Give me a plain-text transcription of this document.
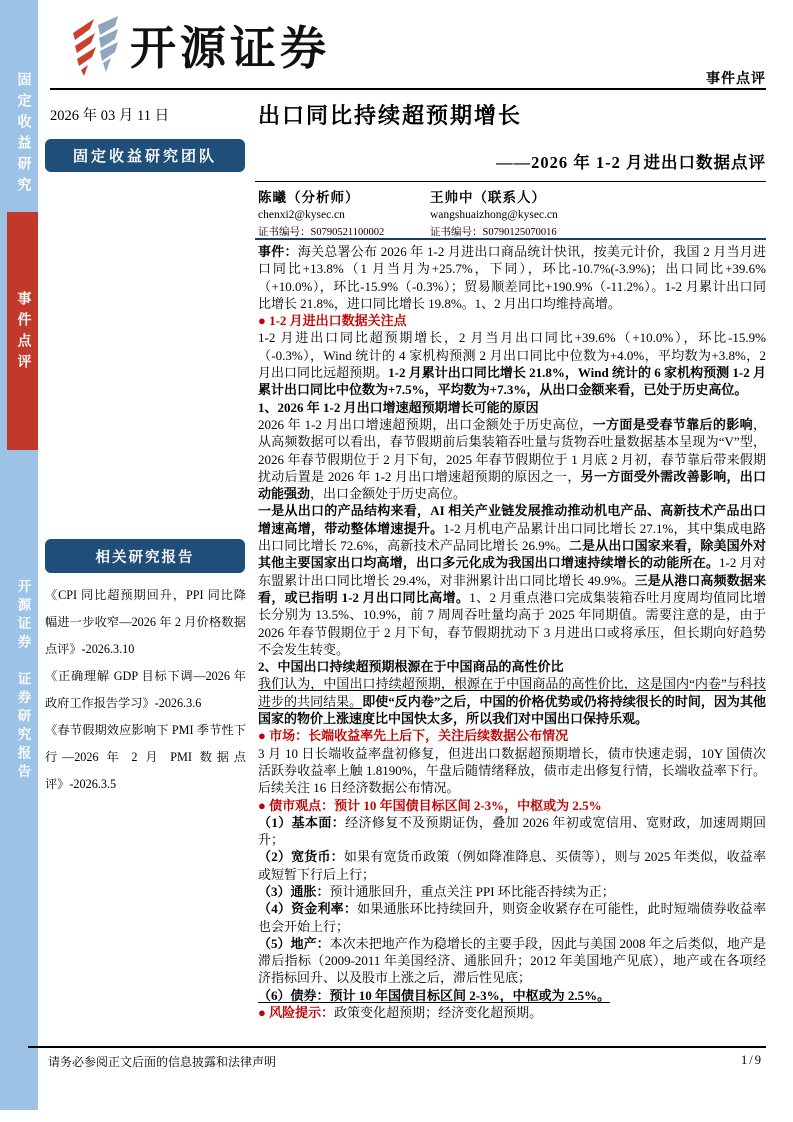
固定收益研究
事件点评
开源证券　证券研究报告
开源证券
事件点评
2026 年 03 月 11 日
固定收益研究团队
出口同比持续超预期增长
——2026 年 1-2 月进出口数据点评
陈曦（分析师）
chenxi2@kysec.cn
证书编号：S0790521100002
王帅中（联系人）
wangshuaizhong@kysec.cn
证书编号：S0790125070016

事件：海关总署公布 2026 年 1-2 月进出口商品统计快讯，按美元计价，我国 2 月当月进口同比+13.8%（1 月当月为+25.7%，下同），环比-10.7%(-3.9%)；出口同比+39.6%（+10.0%），环比-15.9%（-0.3%）；贸易顺差同比+190.9%（-11.2%）。1-2 月累计出口同比增长 21.8%，进口同比增长 19.8%。1、2 月出口均维持高增。

● 1-2 月进出口数据关注点

1-2 月进出口同比超预期增长，2 月当月出口同比+39.6%（+10.0%），环比-15.9%（-0.3%），Wind 统计的 4 家机构预测 2 月出口同比中位数为+4.0%，平均数为+3.8%，2 月出口同比远超预期。1-2 月累计出口同比增长 21.8%，Wind 统计的 6 家机构预测 1-2 月累计出口同比中位数为+7.5%，平均数为+7.3%，从出口金额来看，已处于历史高位。

1、2026 年 1-2 月出口增速超预期增长可能的原因

2026 年 1-2 月出口增速超预期，出口金额处于历史高位，一方面是受春节靠后的影响，从高频数据可以看出，春节假期前后集装箱吞吐量与货物吞吐量数据基本呈现为“V”型，2026 年春节假期位于 2 月下旬，2025 年春节假期位于 1 月底 2 月初，春节靠后带来假期扰动后置是 2026 年 1-2 月出口增速超预期的原因之一，另一方面受外需改善影响，出口动能强劲，出口金额处于历史高位。

一是从出口的产品结构来看，AI 相关产业链发展推动推动机电产品、高新技术产品出口增速高增，带动整体增速提升。1-2 月机电产品累计出口同比增长 27.1%，其中集成电路出口同比增长 72.6%，高新技术产品同比增长 26.9%。二是从出口国家来看，除美国外对其他主要国家出口均高增，出口多元化成为我国出口增速持续增长的动能所在。1-2 月对东盟累计出口同比增长 29.4%，对非洲累计出口同比增长 49.9%。三是从港口高频数据来看，或已指明 1-2 月出口同比高增。1、2 月重点港口完成集装箱吞吐月度周均值同比增长分别为 13.5%、10.9%，前 7 周周吞吐量均高于 2025 年同期值。需要注意的是，由于 2026 年春节假期位于 2 月下旬，春节假期扰动下 3 月进出口或将承压，但长期向好趋势不会发生转变。

2、中国出口持续超预期根源在于中国商品的高性价比

我们认为，中国出口持续超预期，根源在于中国商品的高性价比，这是国内“内卷”与科技进步的共同结果。即使“反内卷”之后，中国的价格优势或仍将持续很长的时间，因为其他国家的物价上涨速度比中国快太多，所以我们对中国出口保持乐观。

● 市场：长端收益率先上后下，关注后续数据公布情况

3 月 10 日长端收益率盘初修复，但进出口数据超预期增长，债市快速走弱，10Y 国债次活跃券收益率上触 1.8190%，午盘后随情绪释放，债市走出修复行情，长端收益率下行。后续关注 16 日经济数据公布情况。

● 债市观点：预计 10 年国债目标区间 2-3%，中枢或为 2.5%

（1）基本面：经济修复不及预期证伪，叠加 2026 年初或宽信用、宽财政，加速周期回升；

（2）宽货币：如果有宽货币政策（例如降准降息、买债等），则与 2025 年类似，收益率或短暂下行后上行；

（3）通胀：预计通胀回升，重点关注 PPI 环比能否持续为正；

（4）资金利率：如果通胀环比持续回升，则资金收紧存在可能性，此时短端债券收益率也会开始上行；

（5）地产：本次未把地产作为稳增长的主要手段，因此与美国 2008 年之后类似，地产是滞后指标（2009-2011 年美国经济、通胀回升；2012 年美国地产见底），地产或在各项经济指标回升、以及股市上涨之后，滞后性见底；

（6）债券：预计 10 年国债目标区间 2-3%，中枢或为 2.5%。

● 风险提示：政策变化超预期；经济变化超预期。

相关研究报告

《CPI 同比超预期回升，PPI 同比降幅进一步收窄—2026 年 2 月价格数据点评》-2026.3.10

《正确理解 GDP 目标下调—2026 年政府工作报告学习》-2026.3.6

《春节假期效应影响下 PMI 季节性下行—2026 年 2 月 PMI 数据点评》-2026.3.5

请务必参阅正文后面的信息披露和法律声明	1/9
